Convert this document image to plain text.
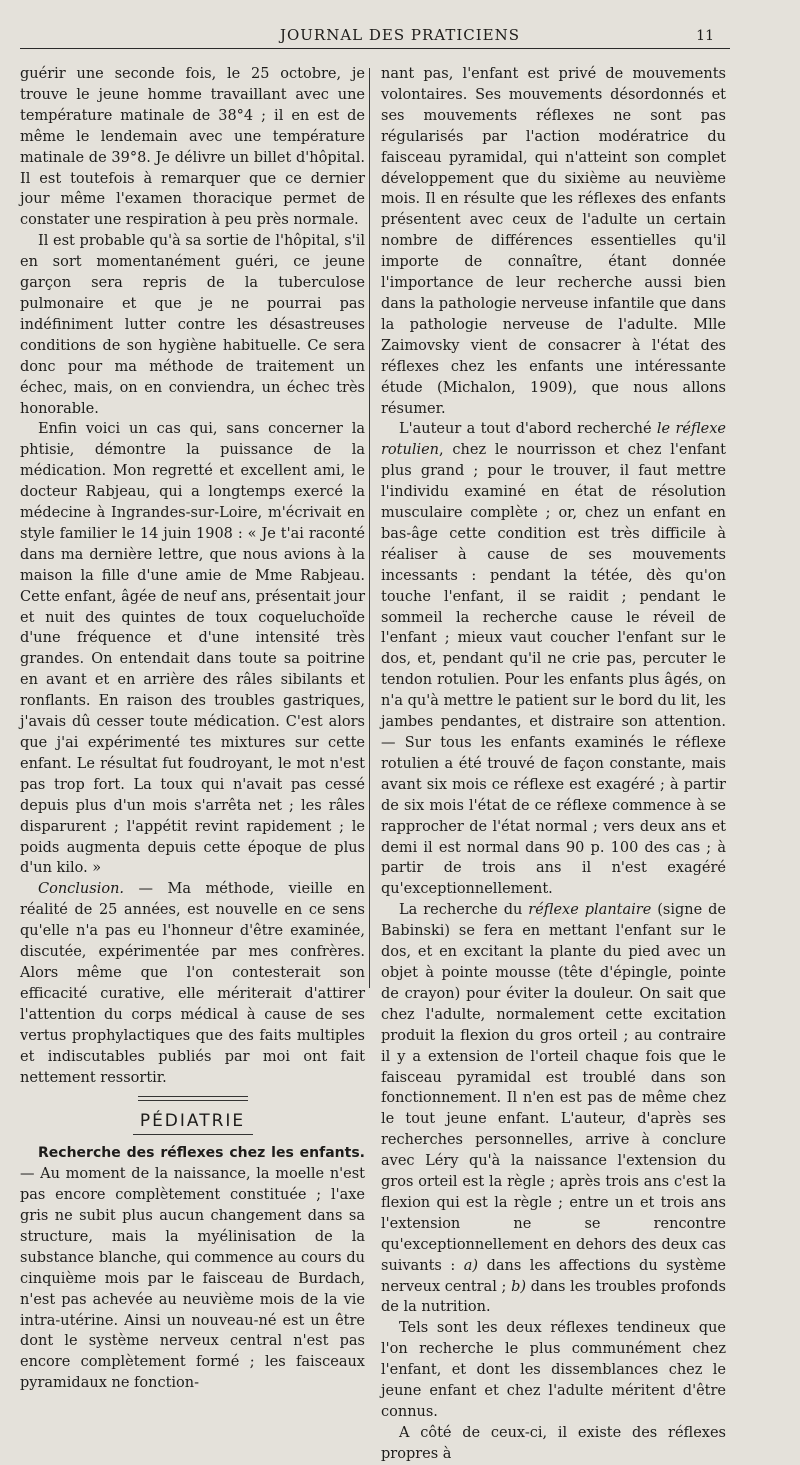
JOURNAL DES PRATICIENS	11

guérir une seconde fois, le 25 octobre, je trouve le jeune homme travaillant avec une température matinale de 38°4 ; il en est de même le lendemain avec une température matinale de 39°8. Je délivre un billet d'hôpital. Il est toutefois à remarquer que ce dernier jour même l'examen thoracique permet de constater une respiration à peu près normale.

Il est probable qu'à sa sortie de l'hôpital, s'il en sort momentanément guéri, ce jeune garçon sera repris de la tuberculose pulmonaire et que je ne pourrai pas indéfiniment lutter contre les désastreuses conditions de son hygiène habituelle. Ce sera donc pour ma méthode de traitement un échec, mais, on en conviendra, un échec très honorable.

Enfin voici un cas qui, sans concerner la phtisie, démontre la puissance de la médication. Mon regretté et excellent ami, le docteur Rabjeau, qui a longtemps exercé la médecine à Ingrandes-sur-Loire, m'écrivait en style familier le 14 juin 1908 : « Je t'ai raconté dans ma dernière lettre, que nous avions à la maison la fille d'une amie de Mme Rabjeau. Cette enfant, âgée de neuf ans, présentait jour et nuit des quintes de toux coqueluchoïde d'une fréquence et d'une intensité très grandes. On entendait dans toute sa poitrine en avant et en arrière des râles sibilants et ronflants. En raison des troubles gastriques, j'avais dû cesser toute médication. C'est alors que j'ai expérimenté tes mixtures sur cette enfant. Le résultat fut foudroyant, le mot n'est pas trop fort. La toux qui n'avait pas cessé depuis plus d'un mois s'arrêta net ; les râles disparurent ; l'appétit revint rapidement ; le poids augmenta depuis cette époque de plus d'un kilo. »

Conclusion. — Ma méthode, vieille en réalité de 25 années, est nouvelle en ce sens qu'elle n'a pas eu l'honneur d'être examinée, discutée, expérimentée par mes confrères. Alors même que l'on contesterait son efficacité curative, elle mériterait d'attirer l'attention du corps médical à cause de ses vertus prophylactiques que des faits multiples et indiscutables publiés par moi ont fait nettement ressortir.

PÉDIATRIE

Recherche des réflexes chez les enfants. — Au moment de la naissance, la moelle n'est pas encore complètement constituée ; l'axe gris ne subit plus aucun changement dans sa structure, mais la myélinisation de la substance blanche, qui commence au cours du cinquième mois par le faisceau de Burdach, n'est pas achevée au neuvième mois de la vie intra-utérine. Ainsi un nouveau-né est un être dont le système nerveux central n'est pas encore complètement formé ; les faisceaux pyramidaux ne fonction-

nant pas, l'enfant est privé de mouvements volontaires. Ses mouvements désordonnés et ses mouvements réflexes ne sont pas régularisés par l'action modératrice du faisceau pyramidal, qui n'atteint son complet développement que du sixième au neuvième mois. Il en résulte que les réflexes des enfants présentent avec ceux de l'adulte un certain nombre de différences essentielles qu'il importe de connaître, étant donnée l'importance de leur recherche aussi bien dans la pathologie nerveuse infantile que dans la pathologie nerveuse de l'adulte. Mlle Zaimovsky vient de consacrer à l'état des réflexes chez les enfants une intéressante étude (Michalon, 1909), que nous allons résumer.

L'auteur a tout d'abord recherché le réflexe rotulien, chez le nourrisson et chez l'enfant plus grand ; pour le trouver, il faut mettre l'individu examiné en état de résolution musculaire complète ; or, chez un enfant en bas-âge cette condition est très difficile à réaliser à cause de ses mouvements incessants : pendant la tétée, dès qu'on touche l'enfant, il se raidit ; pendant le sommeil la recherche cause le réveil de l'enfant ; mieux vaut coucher l'enfant sur le dos, et, pendant qu'il ne crie pas, percuter le tendon rotulien. Pour les enfants plus âgés, on n'a qu'à mettre le patient sur le bord du lit, les jambes pendantes, et distraire son attention. — Sur tous les enfants examinés le réflexe rotulien a été trouvé de façon constante, mais avant six mois ce réflexe est exagéré ; à partir de six mois l'état de ce réflexe commence à se rapprocher de l'état normal ; vers deux ans et demi il est normal dans 90 p. 100 des cas ; à partir de trois ans il n'est exagéré qu'exceptionnellement.

La recherche du réflexe plantaire (signe de Babinski) se fera en mettant l'enfant sur le dos, et en excitant la plante du pied avec un objet à pointe mousse (tête d'épingle, pointe de crayon) pour éviter la douleur. On sait que chez l'adulte, normalement cette excitation produit la flexion du gros orteil ; au contraire il y a extension de l'orteil chaque fois que le faisceau pyramidal est troublé dans son fonctionnement. Il n'en est pas de même chez le tout jeune enfant. L'auteur, d'après ses recherches personnelles, arrive à conclure avec Léry qu'à la naissance l'extension du gros orteil est la règle ; après trois ans c'est la flexion qui est la règle ; entre un et trois ans l'extension ne se rencontre qu'exceptionnellement en dehors des deux cas suivants : a) dans les affections du système nerveux central ; b) dans les troubles profonds de la nutrition.

Tels sont les deux réflexes tendineux que l'on recherche le plus communément chez l'enfant, et dont les dissemblances chez le jeune enfant et chez l'adulte méritent d'être connus.

A côté de ceux-ci, il existe des réflexes propres à
